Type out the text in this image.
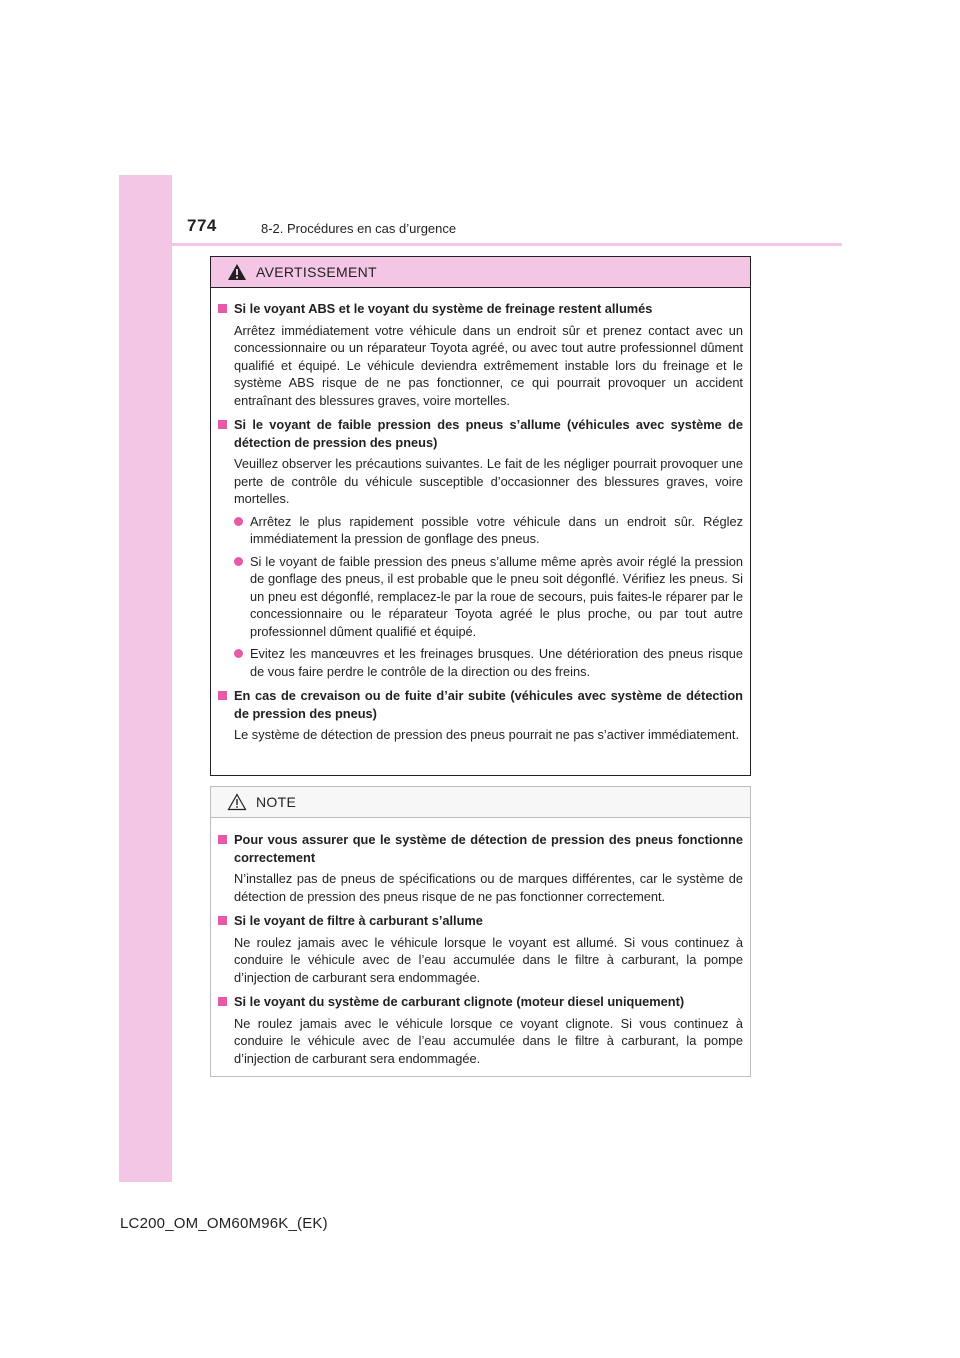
774	8-2. Procédures en cas d’urgence
AVERTISSEMENT
Si le voyant ABS et le voyant du système de freinage restent allumés
Arrêtez immédiatement votre véhicule dans un endroit sûr et prenez contact avec un concessionnaire ou un réparateur Toyota agréé, ou avec tout autre professionnel dûment qualifié et équipé. Le véhicule deviendra extrêmement instable lors du freinage et le système ABS risque de ne pas fonctionner, ce qui pourrait provoquer un accident entraînant des blessures graves, voire mortelles.
Si le voyant de faible pression des pneus s’allume (véhicules avec système de détection de pression des pneus)
Veuillez observer les précautions suivantes. Le fait de les négliger pourrait provoquer une perte de contrôle du véhicule susceptible d’occasionner des blessures graves, voire mortelles.
Arrêtez le plus rapidement possible votre véhicule dans un endroit sûr. Réglez immédiatement la pression de gonflage des pneus.
Si le voyant de faible pression des pneus s’allume même après avoir réglé la pression de gonflage des pneus, il est probable que le pneu soit dégonflé. Vérifiez les pneus. Si un pneu est dégonflé, remplacez-le par la roue de secours, puis faites-le réparer par le concessionnaire ou le réparateur Toyota agréé le plus proche, ou par tout autre professionnel dûment qualifié et équipé.
Evitez les manœuvres et les freinages brusques. Une détérioration des pneus risque de vous faire perdre le contrôle de la direction ou des freins.
En cas de crevaison ou de fuite d’air subite (véhicules avec système de détection de pression des pneus)
Le système de détection de pression des pneus pourrait ne pas s’activer immédiatement.
NOTE
Pour vous assurer que le système de détection de pression des pneus fonctionne correctement
N’installez pas de pneus de spécifications ou de marques différentes, car le système de détection de pression des pneus risque de ne pas fonctionner correctement.
Si le voyant de filtre à carburant s’allume
Ne roulez jamais avec le véhicule lorsque le voyant est allumé. Si vous continuez à conduire le véhicule avec de l’eau accumulée dans le filtre à carburant, la pompe d’injection de carburant sera endommagée.
Si le voyant du système de carburant clignote (moteur diesel uniquement)
Ne roulez jamais avec le véhicule lorsque ce voyant clignote. Si vous continuez à conduire le véhicule avec de l’eau accumulée dans le filtre à carburant, la pompe d’injection de carburant sera endommagée.
LC200_OM_OM60M96K_(EK)
